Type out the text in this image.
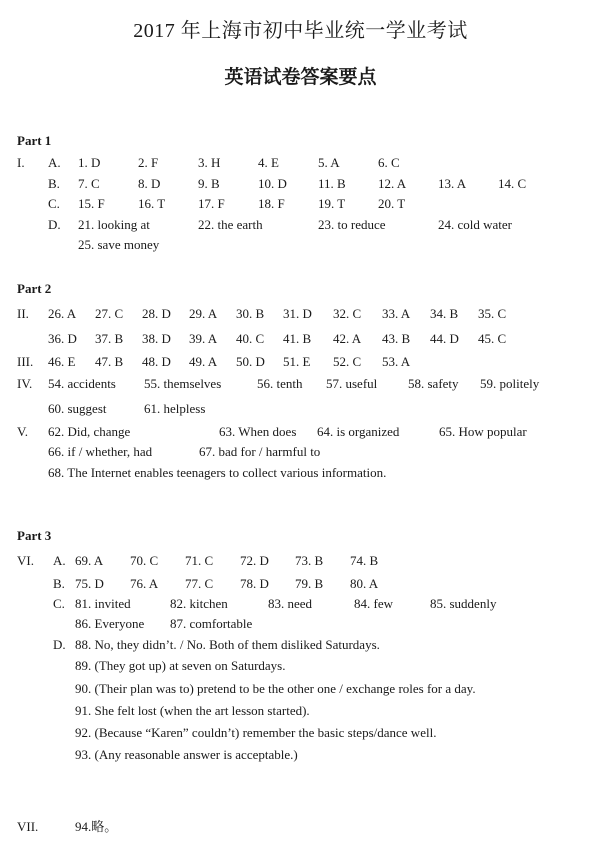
2017 年上海市初中毕业统一学业考试
英语试卷答案要点
Part 1
I. A. 1. D	2. F	3. H	4. E	5. A	6. C
B. 7. C	8. D	9. B	10. D 11. B 12. A 13. A 14. C
C. 15. F	16. T	17. F	18. F	19. T	20. T
D. 21. looking at	22. the earth	23. to reduce	24. cold water
25. save money
Part 2
II. 26. A 27. C 28. D 29. A 30. B 31. D 32. C 33. A 34. B 35. C
36. D 37. B 38. D 39. A 40. C 41. B 42. A 43. B 44. D 45. C
III. 46. E 47. B 48. D 49. A 50. D 51. E 52. C 53. A
IV. 54. accidents 55. themselves	56. tenth 57. useful 58. safety 59. politely
60. suggest	61. helpless
V. 62. Did, change	63. When does 64. is organized	65. How popular
66. if / whether, had	67. bad for / harmful to
68. The Internet enables teenagers to collect various information.
Part 3
VI. A. 69. A 70. C 71. C 72. D 73. B 74. B
B. 75. D 76. A 77. C 78. D 79. B 80. A
C. 81. invited	82. kitchen	83. need	84. few	85. suddenly
86. Everyone 87. comfortable
D. 88. No, they didn’t. / No. Both of them disliked Saturdays.
89. (They got up) at seven on Saturdays.
90. (Their plan was to) pretend to be the other one / exchange roles for a day.
91. She felt lost (when the art lesson started).
92. (Because “Karen” couldn’t) remember the basic steps/dance well.
93. (Any reasonable answer is acceptable.)
VII.	94.略。
